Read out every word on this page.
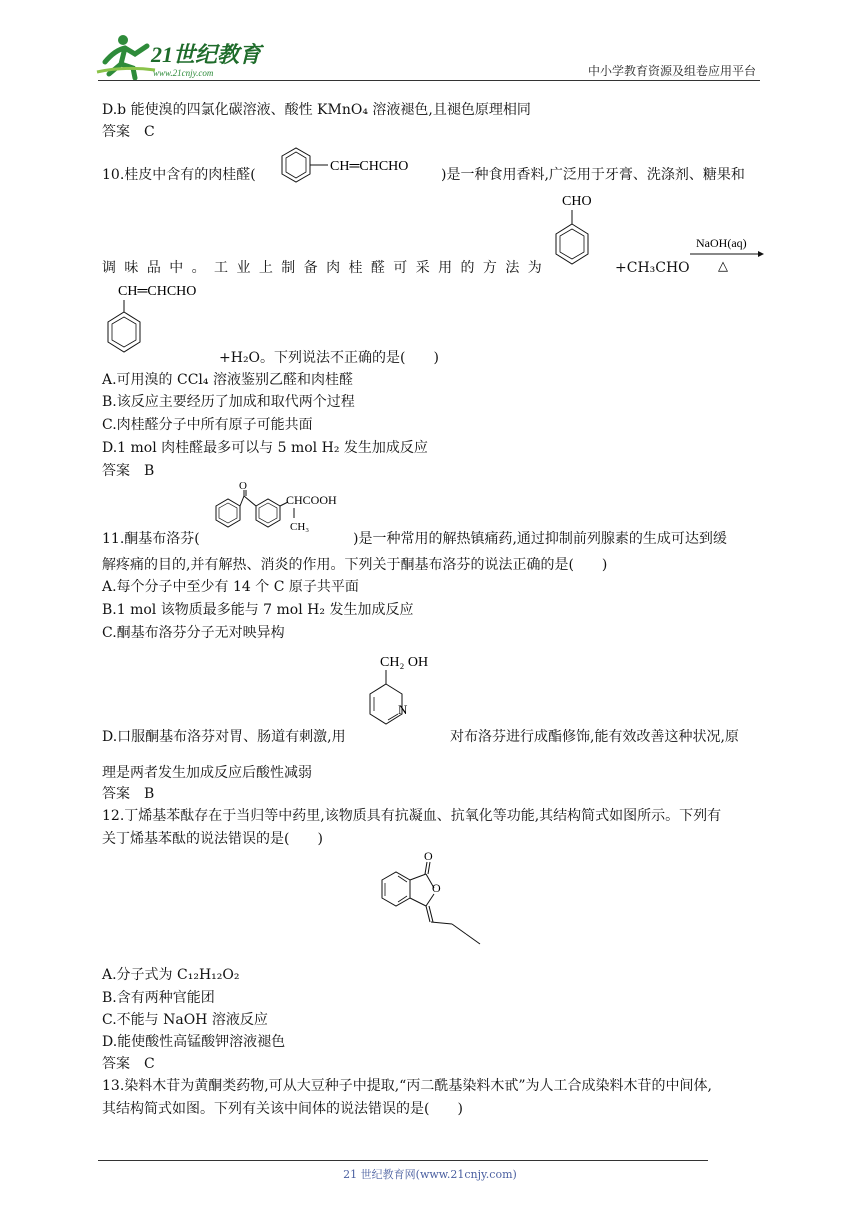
21世纪教育
www.21cnjy.com	中小学教育资源及组卷应用平台
D.b 能使溴的四氯化碳溶液、酸性 KMnO₄ 溶液褪色,且褪色原理相同
答案　C
10.桂皮中含有的肉桂醛(
CH═CHCHO
)是一种食用香料,广泛用于牙膏、洗涤剂、糖果和
调 味 品 中 。 工 业 上 制 备 肉 桂 醛 可 采 用 的 方 法 为
CHO
+CH₃CHO
NaOH(aq)
△
CH═CHCHO
+H₂O。下列说法不正确的是(　　)
A.可用溴的 CCl₄ 溶液鉴别乙醛和肉桂醛
B.该反应主要经历了加成和取代两个过程
C.肉桂醛分子中所有原子可能共面
D.1 mol 肉桂醛最多可以与 5 mol H₂ 发生加成反应
答案　B
11.酮基布洛芬(
O
CHCOOH
CH₃
)是一种常用的解热镇痛药,通过抑制前列腺素的生成可达到缓
解疼痛的目的,并有解热、消炎的作用。下列关于酮基布洛芬的说法正确的是(　　)
A.每个分子中至少有 14 个 C 原子共平面
B.1 mol 该物质最多能与 7 mol H₂ 发生加成反应
C.酮基布洛芬分子无对映异构
CH₂ OH
N
D.口服酮基布洛芬对胃、肠道有刺激,用	对布洛芬进行成酯修饰,能有效改善这种状况,原
理是两者发生加成反应后酸性减弱
答案　B
12.丁烯基苯酞存在于当归等中药里,该物质具有抗凝血、抗氧化等功能,其结构简式如图所示。下列有
关丁烯基苯酞的说法错误的是(　　)
O
O
A.分子式为 C₁₂H₁₂O₂
B.含有两种官能团
C.不能与 NaOH 溶液反应
D.能使酸性高锰酸钾溶液褪色
答案　C
13.染料木苷为黄酮类药物,可从大豆种子中提取,“丙二酰基染料木甙”为人工合成染料木苷的中间体,
其结构简式如图。下列有关该中间体的说法错误的是(　　)
21 世纪教育网(www.21cnjy.com)
